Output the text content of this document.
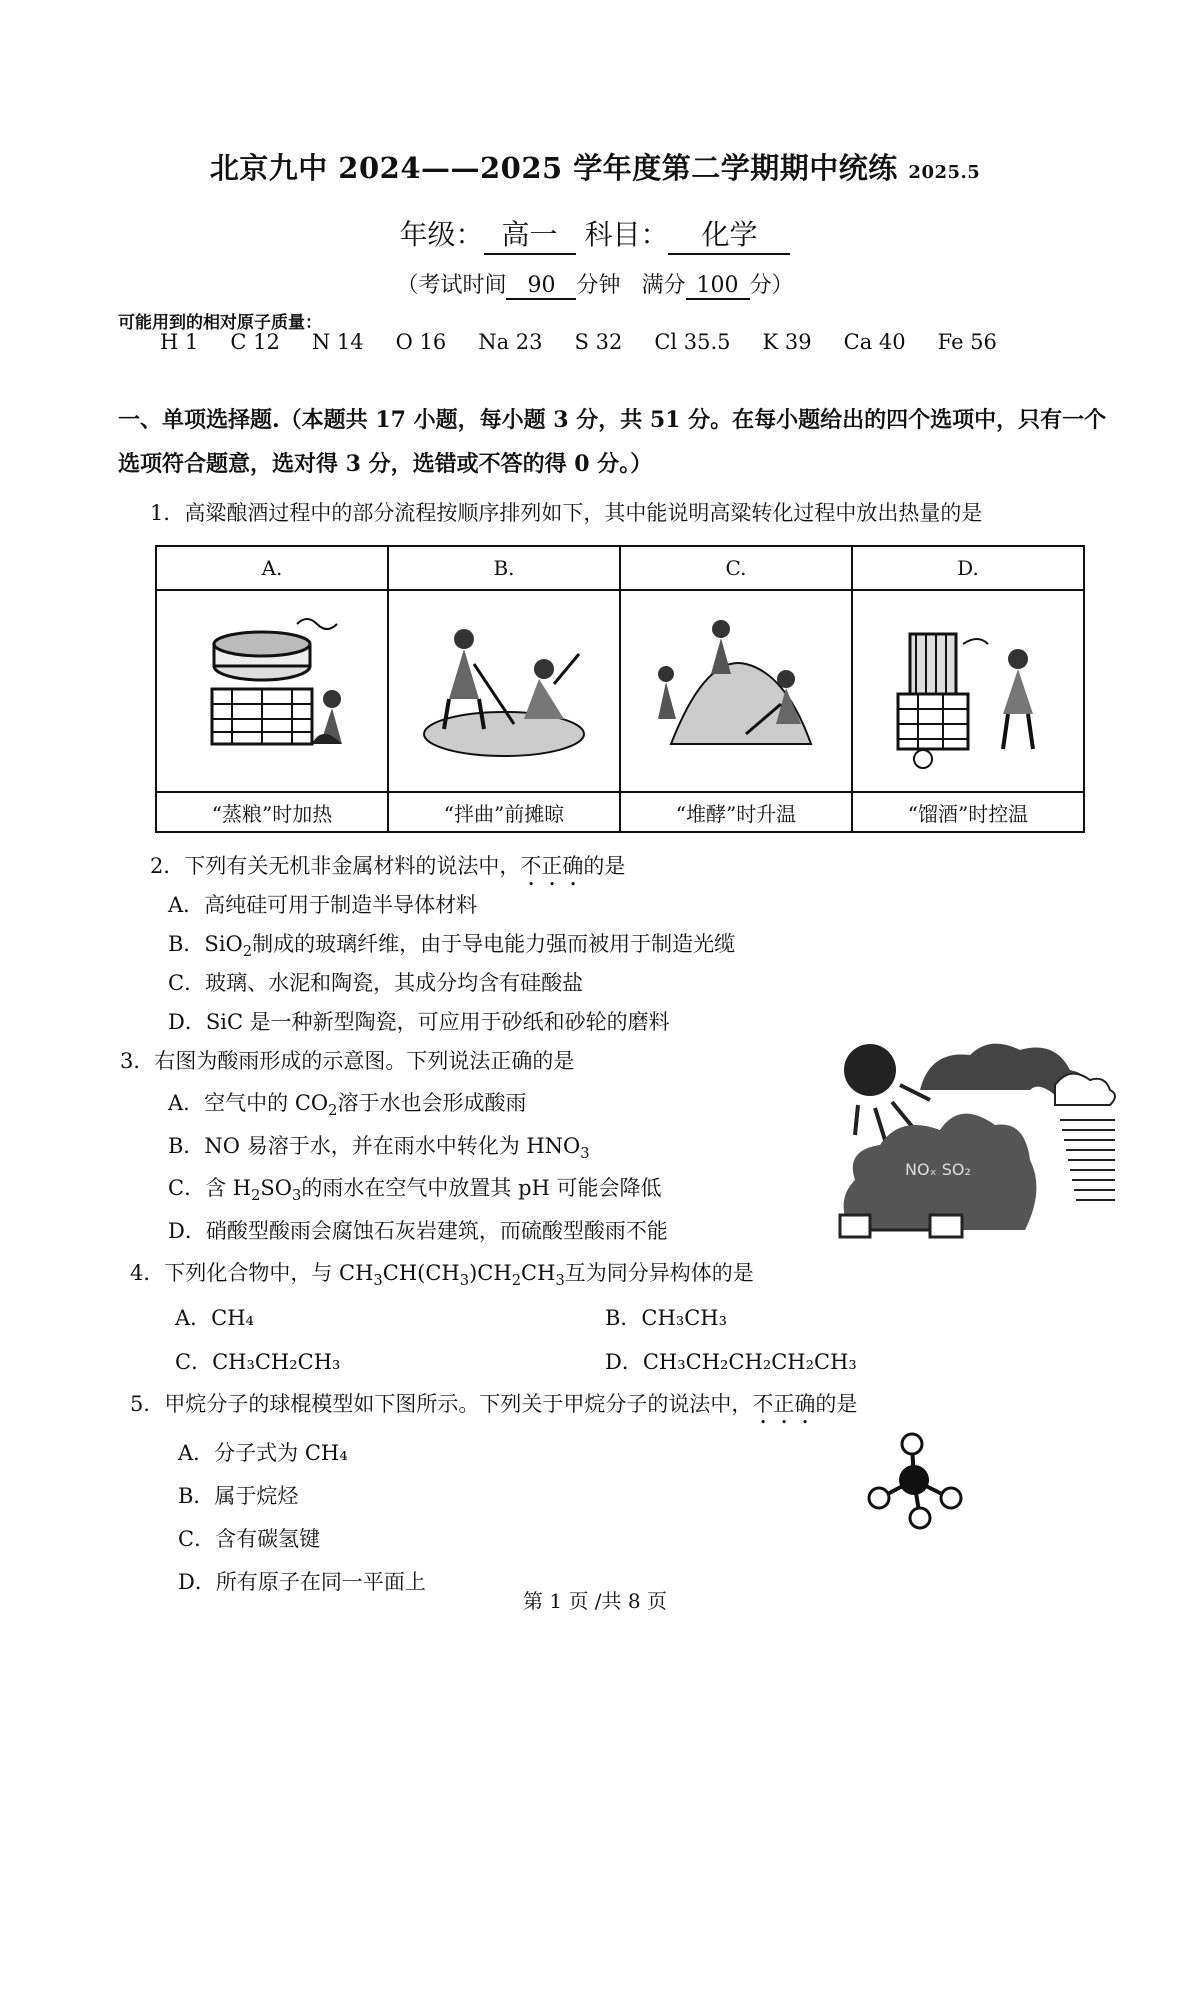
北京九中 2024——2025 学年度第二学期期中统练 2025.5
年级： 高一 科目： 化学
（考试时间 90 分钟 满分 100 分）
可能用到的相对原子质量：
H 1 C 12 N 14 O 16 Na 23 S 32 Cl 35.5 K 39 Ca 40 Fe 56
一、单项选择题.（本题共 17 小题，每小题 3 分，共 51 分。在每小题给出的四个选项中，只有一个选项符合题意，选对得 3 分，选错或不答的得 0 分。）
1．高粱酿酒过程中的部分流程按顺序排列如下，其中能说明高粱转化过程中放出热量的是
A.	B.	C.	D.

“蒸粮”时加热	“拌曲”前摊晾	“堆酵”时升温	“馏酒”时控温
2．下列有关无机非金属材料的说法中，不正确的是
A．高纯硅可用于制造半导体材料
B．SiO$_2$制成的玻璃纤维，由于导电能力强而被用于制造光缆
C．玻璃、水泥和陶瓷，其成分均含有硅酸盐
D．SiC 是一种新型陶瓷，可应用于砂纸和砂轮的磨料
3．右图为酸雨形成的示意图。下列说法正确的是
A．空气中的 $CO_2$溶于水也会形成酸雨
B．NO 易溶于水，并在雨水中转化为 $HNO_3$
C．含 $H_2SO_3$的雨水在空气中放置其 pH 可能会降低
D．硝酸型酸雨会腐蚀石灰岩建筑，而硫酸型酸雨不能
NOₓ SO₂
4．下列化合物中，与 $CH_3CH(CH_3)CH_2CH_3$互为同分异构体的是
A．CH₄	B．CH₃CH₃
C．CH₃CH₂CH₃	D．CH₃CH₂CH₂CH₂CH₃
5．甲烷分子的球棍模型如下图所示。下列关于甲烷分子的说法中，不正确的是
A．分子式为 CH₄
B．属于烷烃
C．含有碳氢键
D．所有原子在同一平面上
第 1 页 /共 8 页
